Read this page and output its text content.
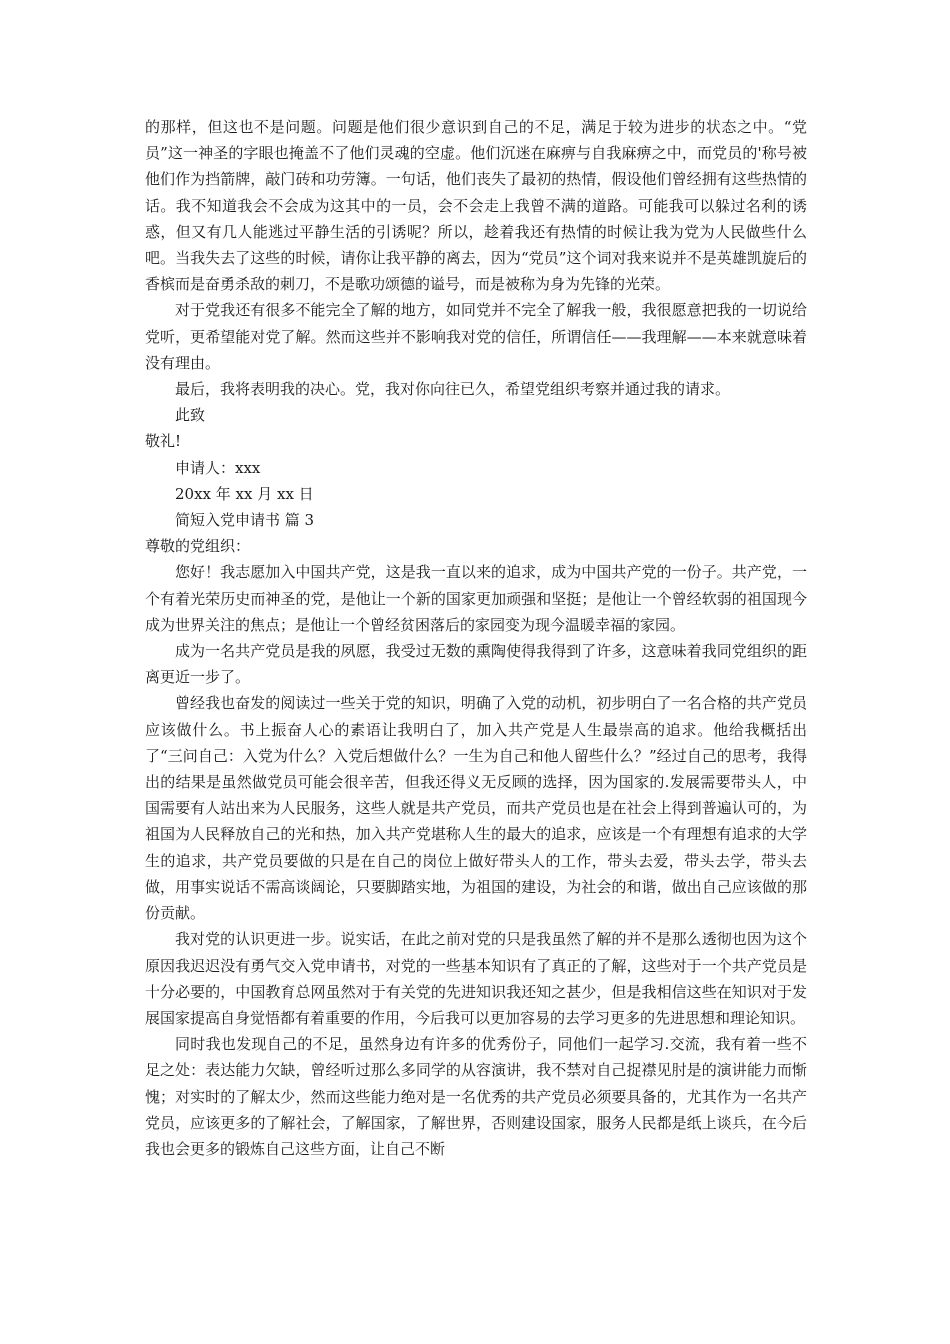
的那样，但这也不是问题。问题是他们很少意识到自己的不足，满足于较为进步的状态之中。“党员”这一神圣的字眼也掩盖不了他们灵魂的空虚。他们沉迷在麻痹与自我麻痹之中，而党员的'称号被他们作为挡箭牌，敲门砖和功劳簿。一句话，他们丧失了最初的热情，假设他们曾经拥有这些热情的话。我不知道我会不会成为这其中的一员，会不会走上我曾不满的道路。可能我可以躲过名利的诱惑，但又有几人能逃过平静生活的引诱呢？所以，趁着我还有热情的时候让我为党为人民做些什么吧。当我失去了这些的时候，请你让我平静的离去，因为“党员”这个词对我来说并不是英雄凯旋后的香槟而是奋勇杀敌的刺刀，不是歌功颂德的谥号，而是被称为身为先锋的光荣。

对于党我还有很多不能完全了解的地方，如同党并不完全了解我一般，我很愿意把我的一切说给党听，更希望能对党了解。然而这些并不影响我对党的信任，所谓信任——我理解——本来就意味着没有理由。

最后，我将表明我的决心。党，我对你向往已久，希望党组织考察并通过我的请求。

此致

敬礼!

申请人：xxx

20xx 年 xx 月 xx 日

简短入党申请书 篇 3

尊敬的党组织：

您好！我志愿加入中国共产党，这是我一直以来的追求，成为中国共产党的一份子。共产党，一个有着光荣历史而神圣的党，是他让一个新的国家更加顽强和坚挺；是他让一个曾经软弱的祖国现今成为世界关注的焦点；是他让一个曾经贫困落后的家园变为现今温暖幸福的家园。

成为一名共产党员是我的夙愿，我受过无数的熏陶使得我得到了许多，这意味着我同党组织的距离更近一步了。

曾经我也奋发的阅读过一些关于党的知识，明确了入党的动机，初步明白了一名合格的共产党员应该做什么。书上振奋人心的素语让我明白了，加入共产党是人生最崇高的追求。他给我概括出了“三问自己：入党为什么？入党后想做什么？一生为自己和他人留些什么？”经过自己的思考，我得出的结果是虽然做党员可能会很辛苦，但我还得义无反顾的选择，因为国家的.发展需要带头人，中国需要有人站出来为人民服务，这些人就是共产党员，而共产党员也是在社会上得到普遍认可的，为祖国为人民释放自己的光和热，加入共产党堪称人生的最大的追求，应该是一个有理想有追求的大学生的追求，共产党员要做的只是在自己的岗位上做好带头人的工作，带头去爱，带头去学，带头去做，用事实说话不需高谈阔论，只要脚踏实地，为祖国的建设，为社会的和谐，做出自己应该做的那份贡献。

我对党的认识更进一步。说实话，在此之前对党的只是我虽然了解的并不是那么透彻也因为这个原因我迟迟没有勇气交入党申请书，对党的一些基本知识有了真正的了解，这些对于一个共产党员是十分必要的，中国教育总网虽然对于有关党的先进知识我还知之甚少，但是我相信这些在知识对于发展国家提高自身觉悟都有着重要的作用，今后我可以更加容易的去学习更多的先进思想和理论知识。

同时我也发现自己的不足，虽然身边有许多的优秀份子，同他们一起学习.交流，我有着一些不足之处：表达能力欠缺，曾经听过那么多同学的从容演讲，我不禁对自己捉襟见肘是的演讲能力而惭愧；对实时的了解太少，然而这些能力绝对是一名优秀的共产党员必须要具备的，尤其作为一名共产党员，应该更多的了解社会，了解国家，了解世界，否则建设国家，服务人民都是纸上谈兵，在今后我也会更多的锻炼自己这些方面，让自己不断
